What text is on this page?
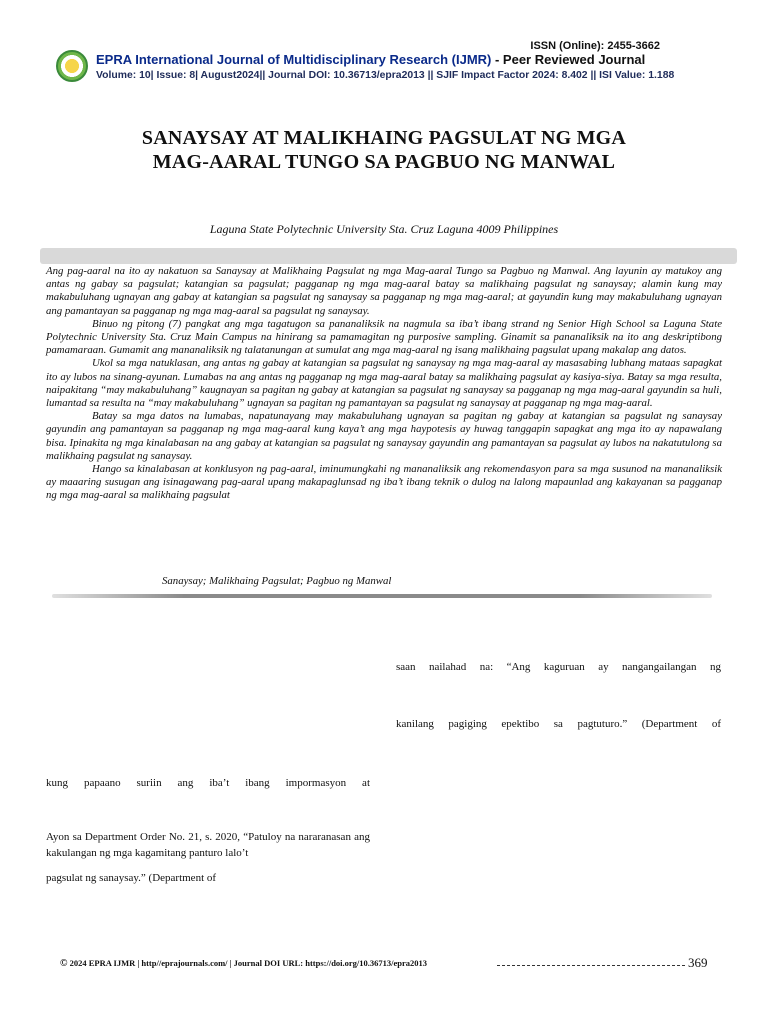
ISSN (Online): 2455-3662
EPRA International Journal of Multidisciplinary Research (IJMR) - Peer Reviewed Journal
Volume: 10| Issue: 8| August2024|| Journal DOI: 10.36713/epra2013 || SJIF Impact Factor 2024: 8.402 || ISI Value: 1.188
SANAYSAY AT MALIKHAING PAGSULAT NG MGA
MAG-AARAL TUNGO SA PAGBUO NG MANWAL
Laguna State Polytechnic University Sta. Cruz Laguna 4009 Philippines

Ang pag-aaral na ito ay nakatuon sa Sanaysay at Malikhaing Pagsulat ng mga Mag-aaral Tungo sa Pagbuo ng Manwal. Ang layunin ay matukoy ang antas ng gabay sa pagsulat; katangian sa pagsulat; pagganap ng mga mag-aaral batay sa malikhaing pagsulat ng sanaysay; alamin kung may makabuluhang ugnayan ang gabay at katangian sa pagsulat ng sanaysay sa pagganap ng mga mag-aaral; at gayundin kung may makabuluhang ugnayan ang pamantayan sa pagganap ng mga mag-aaral sa pagsulat ng sanaysay.

Binuo ng pitong (7) pangkat ang mga tagatugon sa pananaliksik na nagmula sa iba’t ibang strand ng Senior High School sa Laguna State Polytechnic University Sta. Cruz Main Campus na hinirang sa pamamagitan ng purposive sampling. Ginamit sa pananaliksik na ito ang deskriptibong pamamaraan. Gumamit ang mananaliksik ng talatanungan at sumulat ang mga mag-aaral ng isang malikhaing pagsulat upang makalap ang datos.

Ukol sa mga natuklasan, ang antas ng gabay at katangian sa pagsulat ng sanaysay ng mga mag-aaral ay masasabing lubhang mataas sapagkat ito ay lubos na sinang-ayunan. Lumabas na ang antas ng pagganap ng mga mag-aaral batay sa malikhaing pagsulat ay kasiya-siya. Batay sa mga resulta, naipakitang “may makabuluhang” kaugnayan sa pagitan ng gabay at katangian sa pagsulat ng sanaysay sa pagganap ng mga mag-aaral gayundin sa huli, lumantad sa resulta na “may makabuluhang” ugnayan sa pagitan ng pamantayan sa pagsulat ng sanaysay at pagganap ng mga mag-aaral.

Batay sa mga datos na lumabas, napatunayang may makabuluhang ugnayan sa pagitan ng gabay at katangian sa pagsulat ng sanaysay gayundin ang pamantayan sa pagganap ng mga mag-aaral kung kaya’t ang mga haypotesis ay huwag tanggapin sapagkat ang mga ito ay napawalang bisa. Ipinakita ng mga kinalabasan na ang gabay at katangian sa pagsulat ng sanaysay gayundin ang pamantayan sa pagsulat ay lubos na nakatutulong sa malikhaing pagsulat ng sanaysay.

Hango sa kinalabasan at konklusyon ng pag-aaral, iminumungkahi ng mananaliksik ang rekomendasyon para sa mga susunod na mananaliksik ay maaaring susugan ang isinagawang pag-aaral upang makapaglunsad ng iba’t ibang teknik o dulog na lalong mapaunlad ang kakayanan sa pagganap ng mga mag-aaral sa malikhaing pagsulat

Sanaysay; Malikhaing Pagsulat; Pagbuo ng Manwal
saan nailahad na: “Ang kaguruan ay nangangailangan ng
kanilang pagiging epektibo sa pagtuturo.” (Department of
kung papaano suriin ang iba’t ibang impormasyon at
Ayon sa Department Order No. 21, s. 2020, “Patuloy na nararanasan ang kakulangan ng mga kagamitang panturo lalo’t
pagsulat ng sanaysay.” (Department of
© 2024 EPRA IJMR | http//eprajournals.com/ | Journal DOI URL: https://doi.org/10.36713/epra2013	369
